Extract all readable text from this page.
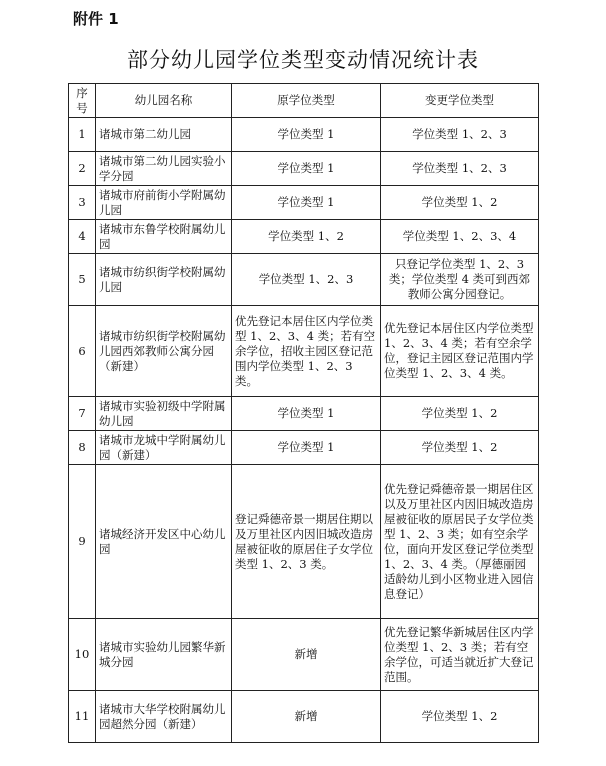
附件 1
部分幼儿园学位类型变动情况统计表
序号	幼儿园名称	原学位类型	变更学位类型
1	诸城市第二幼儿园	学位类型 1	学位类型 1、2、3
2	诸城市第二幼儿园实验小学分园	学位类型 1	学位类型 1、2、3
3	诸城市府前街小学附属幼儿园	学位类型 1	学位类型 1、2
4	诸城市东鲁学校附属幼儿园	学位类型 1、2	学位类型 1、2、3、4
5	诸城市纺织街学校附属幼儿园	学位类型 1、2、3	只登记学位类型 1、2、3 类；学位类型 4 类可到西郊教师公寓分园登记。
6	诸城市纺织街学校附属幼儿园西郊教师公寓分园（新建）	优先登记本居住区内学位类型 1、2、3、4 类；若有空余学位，招收主园区登记范围内学位类型 1、2、3 类。	优先登记本居住区内学位类型 1、2、3、4 类；若有空余学位，登记主园区登记范围内学位类型 1、2、3、4 类。
7	诸城市实验初级中学附属幼儿园	学位类型 1	学位类型 1、2
8	诸城市龙城中学附属幼儿园（新建）	学位类型 1	学位类型 1、2
9	诸城经济开发区中心幼儿园	登记舜德帝景一期居住期以及万里社区内因旧城改造房屋被征收的原居住子女学位类型 1、2、3 类。	优先登记舜德帝景一期居住区以及万里社区内因旧城改造房屋被征收的原居民子女学位类型 1、2、3 类；如有空余学位，面向开发区登记学位类型 1、2、3、4 类。（厚德丽园适龄幼儿到小区物业进入园信息登记）
10	诸城市实验幼儿园繁华新城分园	新增	优先登记繁华新城居住区内学位类型 1、2、3 类；若有空余学位，可适当就近扩大登记范围。
11	诸城市大华学校附属幼儿园超然分园（新建）	新增	学位类型 1、2
